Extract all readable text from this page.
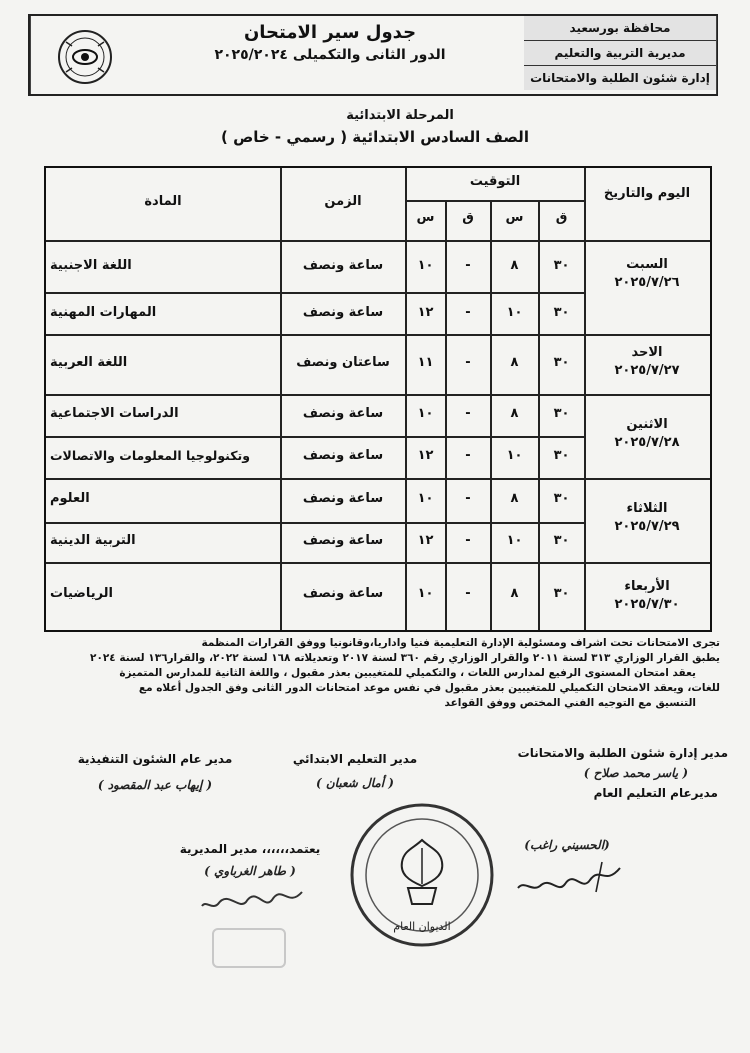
جدول سير الامتحان
الدور الثانى والتكميلى ٢٠٢٥/٢٠٢٤
محافظة بورسعيد
مديرية التربية والتعليم
إدارة شئون الطلبة والامتحانات
المرحلة الابتدائية
الصف السادس الابتدائية ( رسمي - خاص )
اليوم والتاريخ
التوقيت
ق
س
ق
س
الزمن
المادة
السبت
٢٠٢٥/٧/٢٦
الاحد
٢٠٢٥/٧/٢٧
الاثنين
٢٠٢٥/٧/٢٨
الثلاثاء
٢٠٢٥/٧/٢٩
الأربعاء
٢٠٢٥/٧/٣٠
٣٠
٨
-
١٠
ساعة ونصف
اللغة الاجنبية
٣٠
١٠
-
١٢
ساعة ونصف
المهارات المهنية
٣٠
٨
-
١١
ساعتان ونصف
اللغة العربية
٣٠
٨
-
١٠
ساعة ونصف
الدراسات الاجتماعية
٣٠
١٠
-
١٢
ساعة ونصف
وتكنولوجيا المعلومات والاتصالات
٣٠
٨
-
١٠
ساعة ونصف
العلوم
٣٠
١٠
-
١٢
ساعة ونصف
التربية الدينية
٣٠
٨
-
١٠
ساعة ونصف
الرياضيات

تجرى الامتحانات تحت اشراف ومسئولية الإدارة التعليمية فنيا واداريا،وقانونيا ووفق القرارات المنظمة

يطبق القرار الوزاري ٣١٣ لسنة ٢٠١١ والقرار الوزاري رقم ٣٦٠ لسنة ٢٠١٧ وتعديلاته ١٦٨ لسنة ٢٠٢٢، والقرار١٣٦ لسنة ٢٠٢٤

يعقد امتحان المستوى الرفيع لمدارس اللغات ، والتكميلي للمتغيبين بعذر مقبول ، واللغة الثانية للمدارس المتميزة

للغات، ويعقد الامتحان التكميلي للمتغيبين بعذر مقبول في نفس موعد امتحانات الدور الثانى وفق الجدول أعلاه مع

التنسيق مع التوجيه الفني المختص ووفق القواعد

مدير إدارة شئون الطلبة والامتحانات
( ياسر محمد صلاح )
مديرعام التعليم العام
مدير التعليم الابتدائي
( أمال شعبان )
مدير عام الشئون التنفيذية
( إيهاب عبد المقصود )
(الحسيني راغب)
يعتمد،،،،،، مدير المديرية
( طاهر الغرباوي )
الديوان العام
